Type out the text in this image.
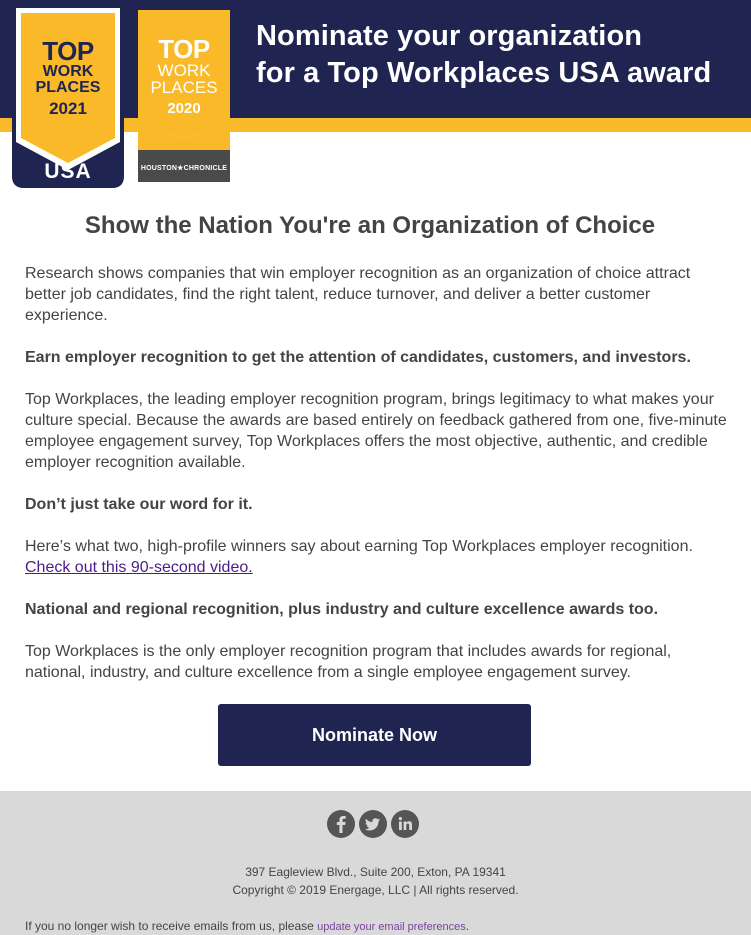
TOP
WORK
PLACES
2021
USA
TOP
WORK
PLACES
2020
HOUSTON★CHRONICLE
Nominate your organization
for a Top Workplaces USA award
Show the Nation You're an Organization of Choice
Research shows companies that win employer recognition as an organization of choice attract better job candidates, find the right talent, reduce turnover, and deliver a better customer experience.
Earn employer recognition to get the attention of candidates, customers, and investors.
Top Workplaces, the leading employer recognition program, brings legitimacy to what makes your culture special. Because the awards are based entirely on feedback gathered from one, five-minute employee engagement survey, Top Workplaces offers the most objective, authentic, and credible employer recognition available.
Don’t just take our word for it.
Here’s what two, high-profile winners say about earning Top Workplaces employer recognition.
Check out this 90-second video.
National and regional recognition, plus industry and culture excellence awards too.
Top Workplaces is the only employer recognition program that includes awards for regional, national, industry, and culture excellence from a single employee engagement survey.
Nominate Now
397 Eagleview Blvd., Suite 200, Exton, PA 19341
Copyright © 2019 Energage, LLC | All rights reserved.
If you no longer wish to receive emails from us, please update your email preferences.
